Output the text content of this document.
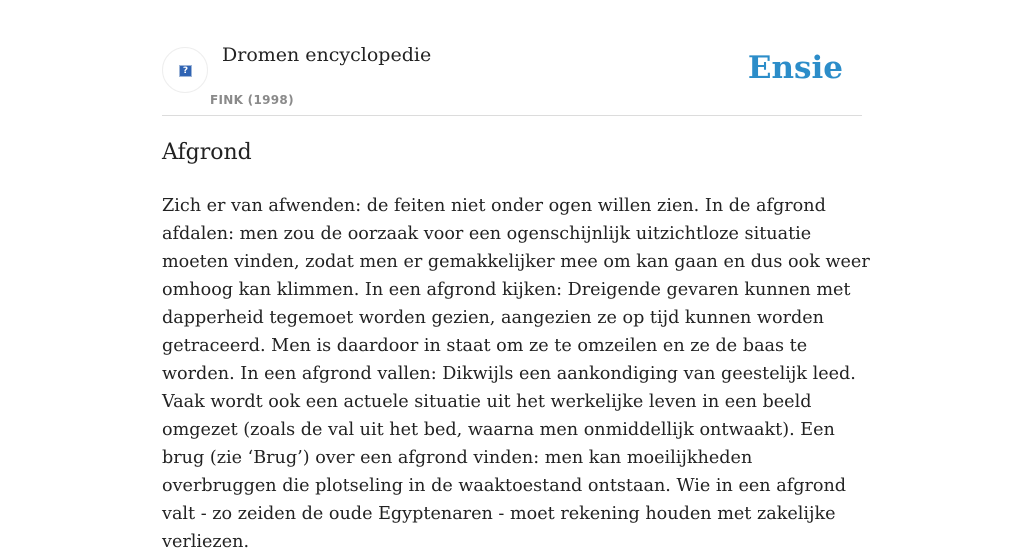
?
Dromen encyclopedie
FINK (1998)
Ensie
Afgrond

Zich er van afwenden: de feiten niet onder ogen willen zien. In de afgrond afdalen: men zou de oorzaak voor een ogenschijnlijk uitzichtloze situatie moeten vinden, zodat men er gemakkelijker mee om kan gaan en dus ook weer omhoog kan klimmen. In een afgrond kijken: Dreigende gevaren kunnen met dapperheid tegemoet worden gezien, aangezien ze op tijd kunnen worden getraceerd. Men is daardoor in staat om ze te omzeilen en ze de baas te worden. In een afgrond vallen: Dikwijls een aankondiging van geestelijk leed. Vaak wordt ook een actuele situatie uit het werkelijke leven in een beeld omgezet (zoals de val uit het bed, waarna men onmiddellijk ontwaakt). Een brug (zie ‘Brug’) over een afgrond vinden: men kan moeilijkheden overbruggen die plotseling in de waaktoestand ontstaan. Wie in een afgrond valt - zo zeiden de oude Egyptenaren - moet rekening houden met zakelijke verliezen.
